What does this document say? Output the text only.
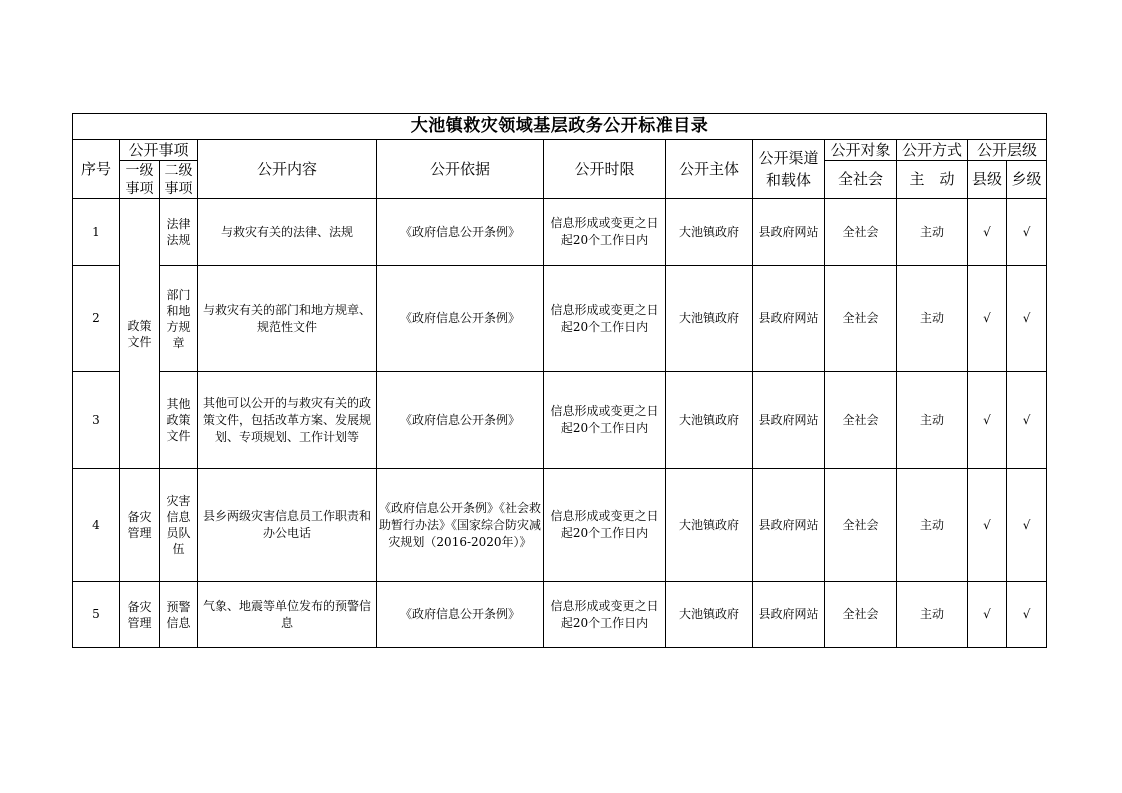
大池镇救灾领域基层政务公开标准目录											
序号	公开事项		公开内容	公开依据	公开时限	公开主体	公开渠道和载体	公开对象	公开方式	公开层级	
	一级事项	二级事项						全社会	主　动	县级	乡级
1	政策文件	法律法规	与救灾有关的法律、法规	《政府信息公开条例》	信息形成或变更之日起20个工作日内	大池镇政府	县政府网站	全社会	主动	√	√
2		部门和地方规章	与救灾有关的部门和地方规章、规范性文件	《政府信息公开条例》	信息形成或变更之日起20个工作日内	大池镇政府	县政府网站	全社会	主动	√	√
3		其他政策文件	其他可以公开的与救灾有关的政策文件，包括改革方案、发展规划、专项规划、工作计划等	《政府信息公开条例》	信息形成或变更之日起20个工作日内	大池镇政府	县政府网站	全社会	主动	√	√
4	备灾管理	灾害信息员队伍	县乡两级灾害信息员工作职责和办公电话	《政府信息公开条例》《社会救助暂行办法》《国家综合防灾减灾规划（2016-2020年）》	信息形成或变更之日起20个工作日内	大池镇政府	县政府网站	全社会	主动	√	√
5	备灾管理	预警信息	气象、地震等单位发布的预警信息	《政府信息公开条例》	信息形成或变更之日起20个工作日内	大池镇政府	县政府网站	全社会	主动	√	√
